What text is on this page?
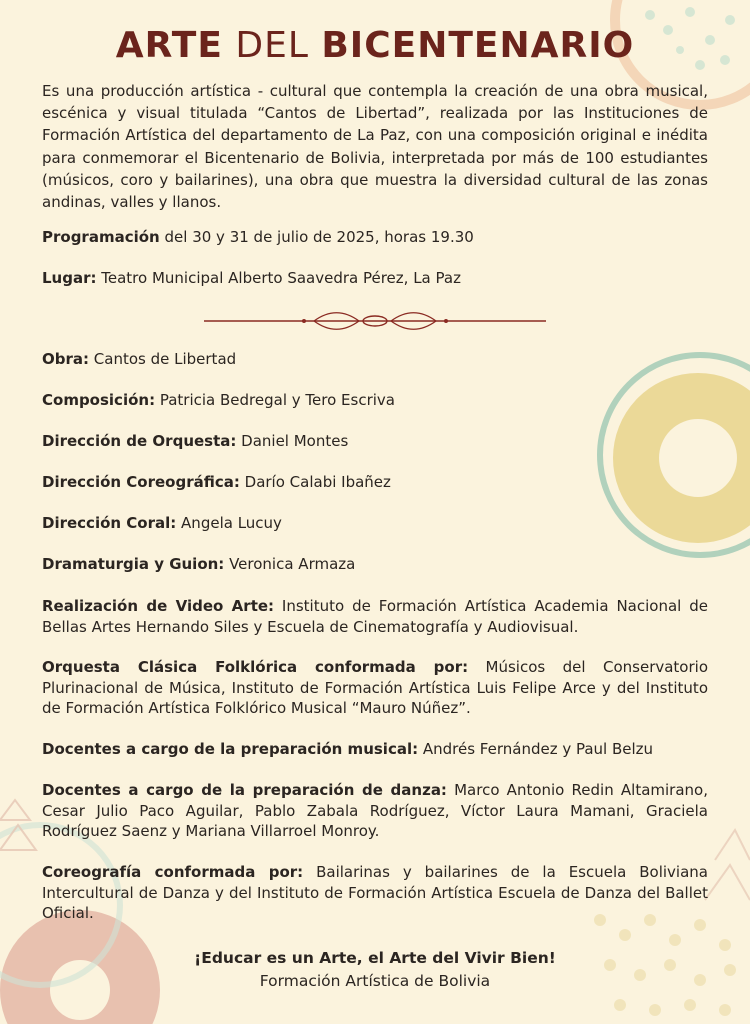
ARTE DEL BICENTENARIO
Es una producción artística - cultural que contempla la creación de una obra musical, escénica y visual titulada “Cantos de Libertad”, realizada por las Instituciones de Formación Artística del departamento de La Paz, con una composición original e inédita para conmemorar el Bicentenario de Bolivia, interpretada por más de 100 estudiantes (músicos, coro y bailarines), una obra que muestra la diversidad cultural de las zonas andinas, valles y llanos.
Programación del 30 y 31 de julio de 2025, horas 19.30
Lugar: Teatro Municipal Alberto Saavedra Pérez, La Paz
Obra: Cantos de Libertad
Composición: Patricia Bedregal y Tero Escriva
Dirección de Orquesta: Daniel Montes
Dirección Coreográfica: Darío Calabi Ibañez
Dirección Coral: Angela Lucuy
Dramaturgia y Guion: Veronica Armaza
Realización de Video Arte: Instituto de Formación Artística Academia Nacional de Bellas Artes Hernando Siles y Escuela de Cinematografía y Audiovisual.
Orquesta Clásica Folklórica conformada por: Músicos del Conservatorio Plurinacional de Música, Instituto de Formación Artística Luis Felipe Arce y del Instituto de Formación Artística Folklórico Musical “Mauro Núñez”.
Docentes a cargo de la preparación musical: Andrés Fernández y Paul Belzu
Docentes a cargo de la preparación de danza: Marco Antonio Redin Altamirano, Cesar Julio Paco Aguilar, Pablo Zabala Rodríguez, Víctor Laura Mamani, Graciela Rodríguez Saenz y Mariana Villarroel Monroy.
Coreografía conformada por: Bailarinas y bailarines de la Escuela Boliviana Intercultural de Danza y del Instituto de Formación Artística Escuela de Danza del Ballet Oficial.
¡Educar es un Arte, el Arte del Vivir Bien!
Formación Artística de Bolivia
